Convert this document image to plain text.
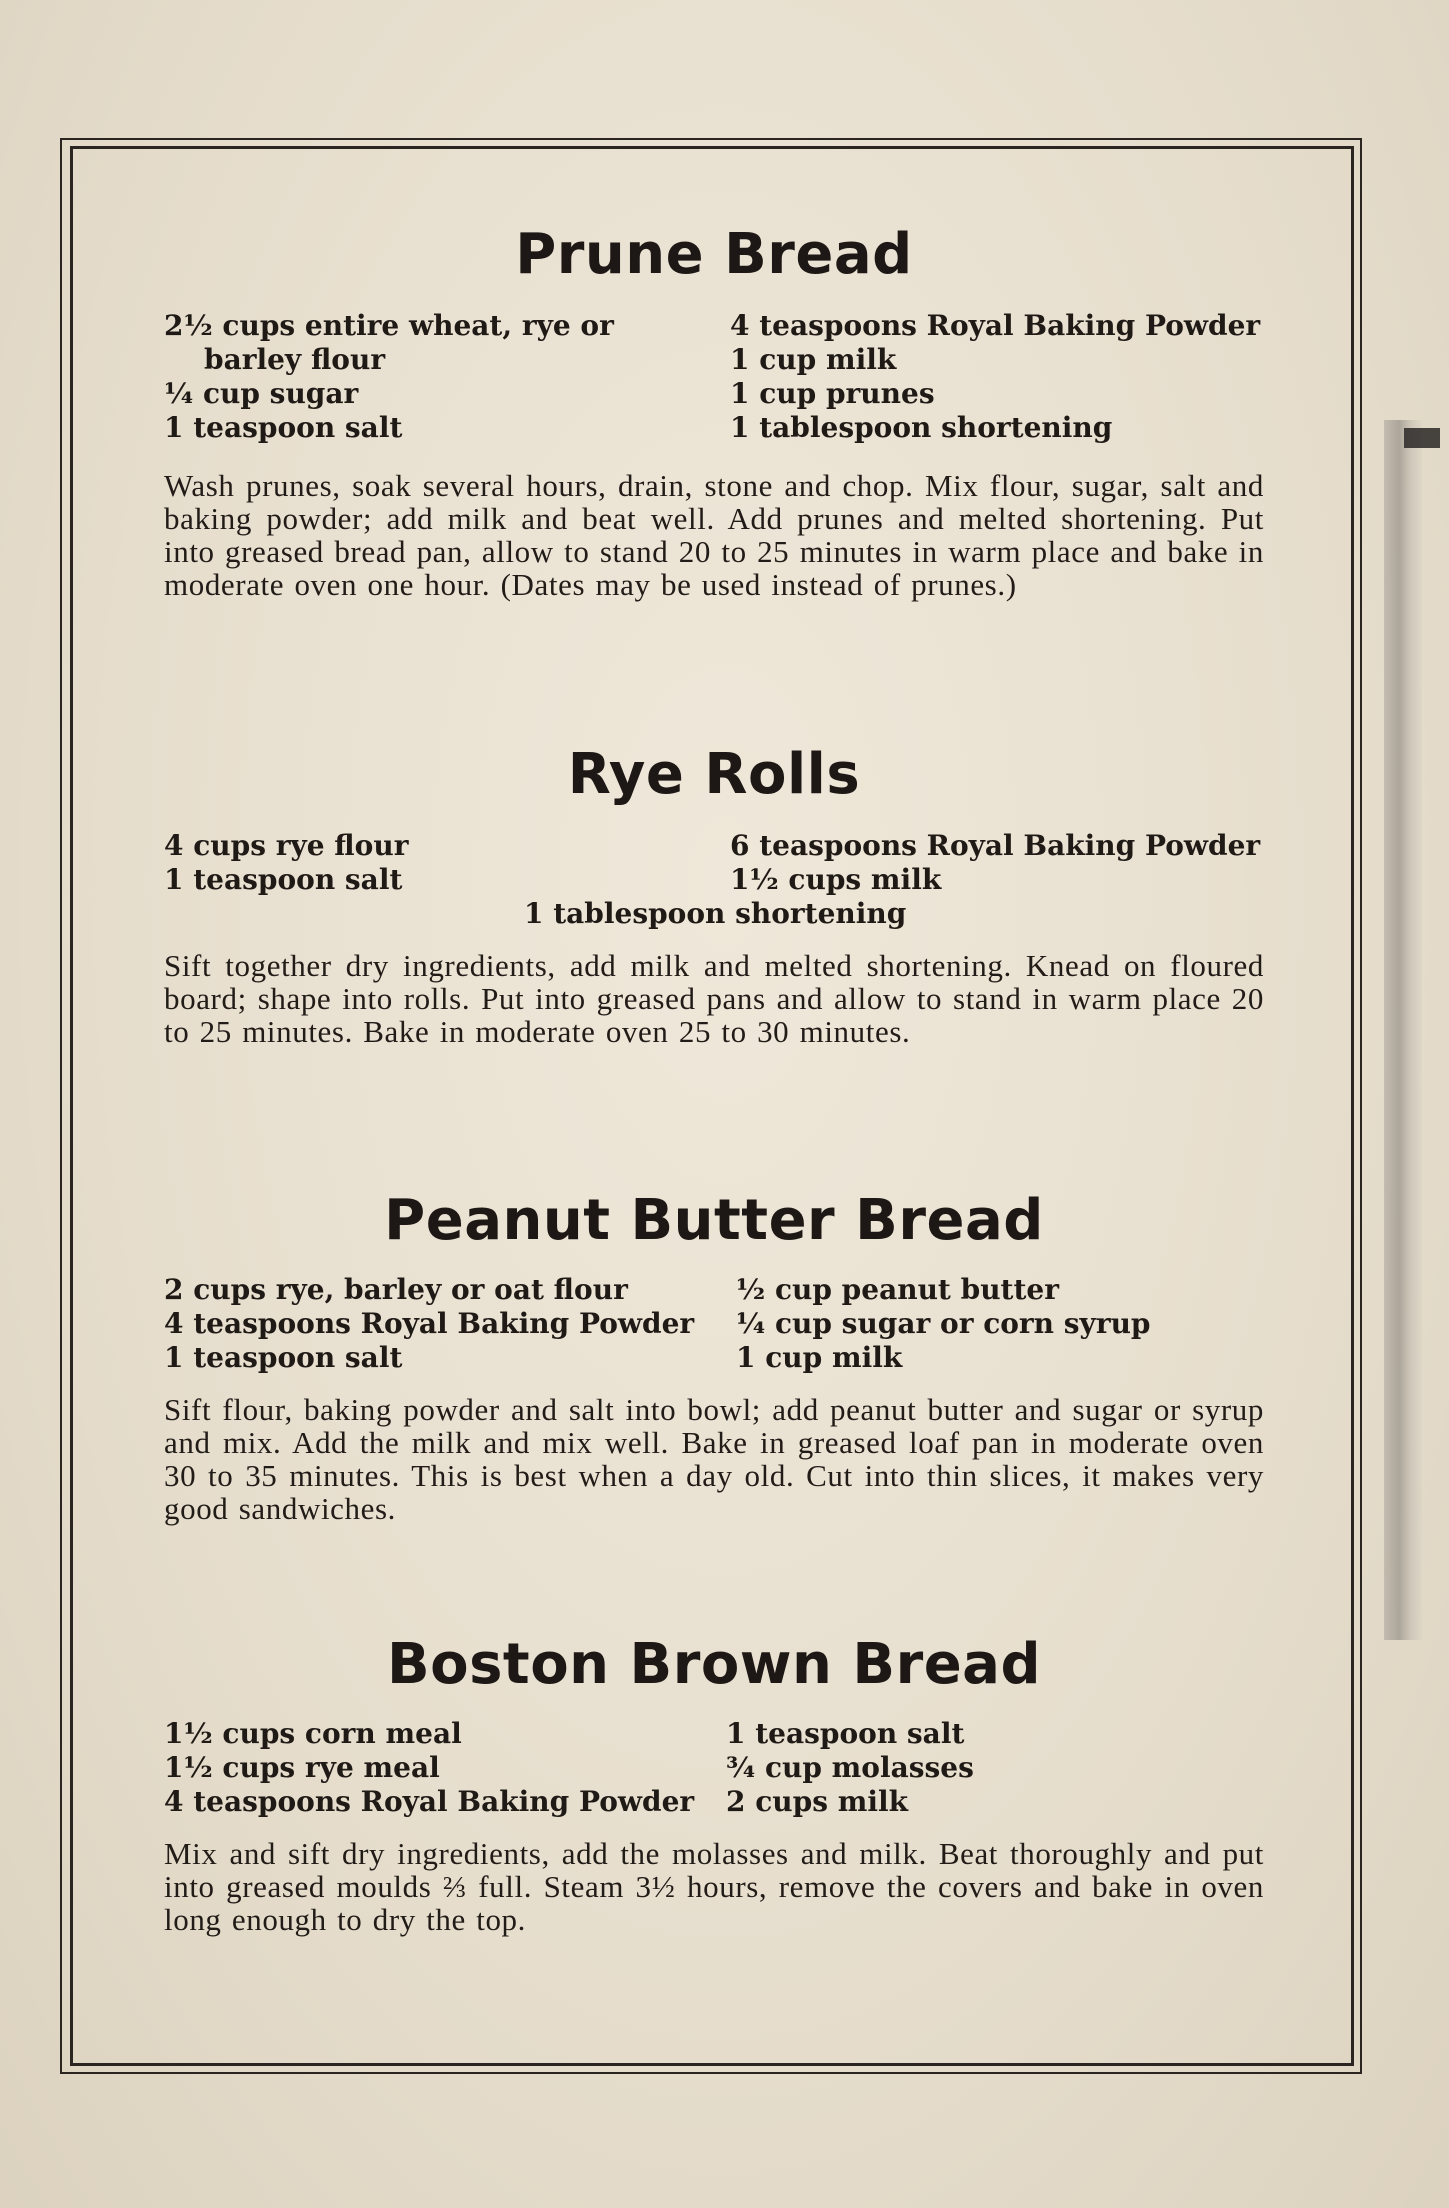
Prune Bread
2½ cups entire wheat, rye or
barley flour
¼ cup sugar
1 teaspoon salt
4 teaspoons Royal Baking Powder
1 cup milk
1 cup prunes
1 tablespoon shortening

Wash prunes, soak several hours, drain, stone and chop. Mix flour, sugar, salt and baking powder; add milk and beat well. Add prunes and melted shortening. Put into greased bread pan, allow to stand 20 to 25 minutes in warm place and bake in moderate oven one hour. (Dates may be used instead of prunes.)

Rye Rolls
4 cups rye flour
1 teaspoon salt
6 teaspoons Royal Baking Powder
1½ cups milk
1 tablespoon shortening

Sift together dry ingredients, add milk and melted shortening. Knead on floured board; shape into rolls. Put into greased pans and allow to stand in warm place 20 to 25 minutes. Bake in moderate oven 25 to 30 minutes.

Peanut Butter Bread
2 cups rye, barley or oat flour
4 teaspoons Royal Baking Powder
1 teaspoon salt
½ cup peanut butter
¼ cup sugar or corn syrup
1 cup milk

Sift flour, baking powder and salt into bowl; add peanut butter and sugar or syrup and mix. Add the milk and mix well. Bake in greased loaf pan in moderate oven 30 to 35 minutes. This is best when a day old. Cut into thin slices, it makes very good sandwiches.

Boston Brown Bread
1½ cups corn meal
1½ cups rye meal
4 teaspoons Royal Baking Powder
1 teaspoon salt
¾ cup molasses
2 cups milk

Mix and sift dry ingredients, add the molasses and milk. Beat thoroughly and put into greased moulds ⅔ full. Steam 3½ hours, remove the covers and bake in oven long enough to dry the top.
